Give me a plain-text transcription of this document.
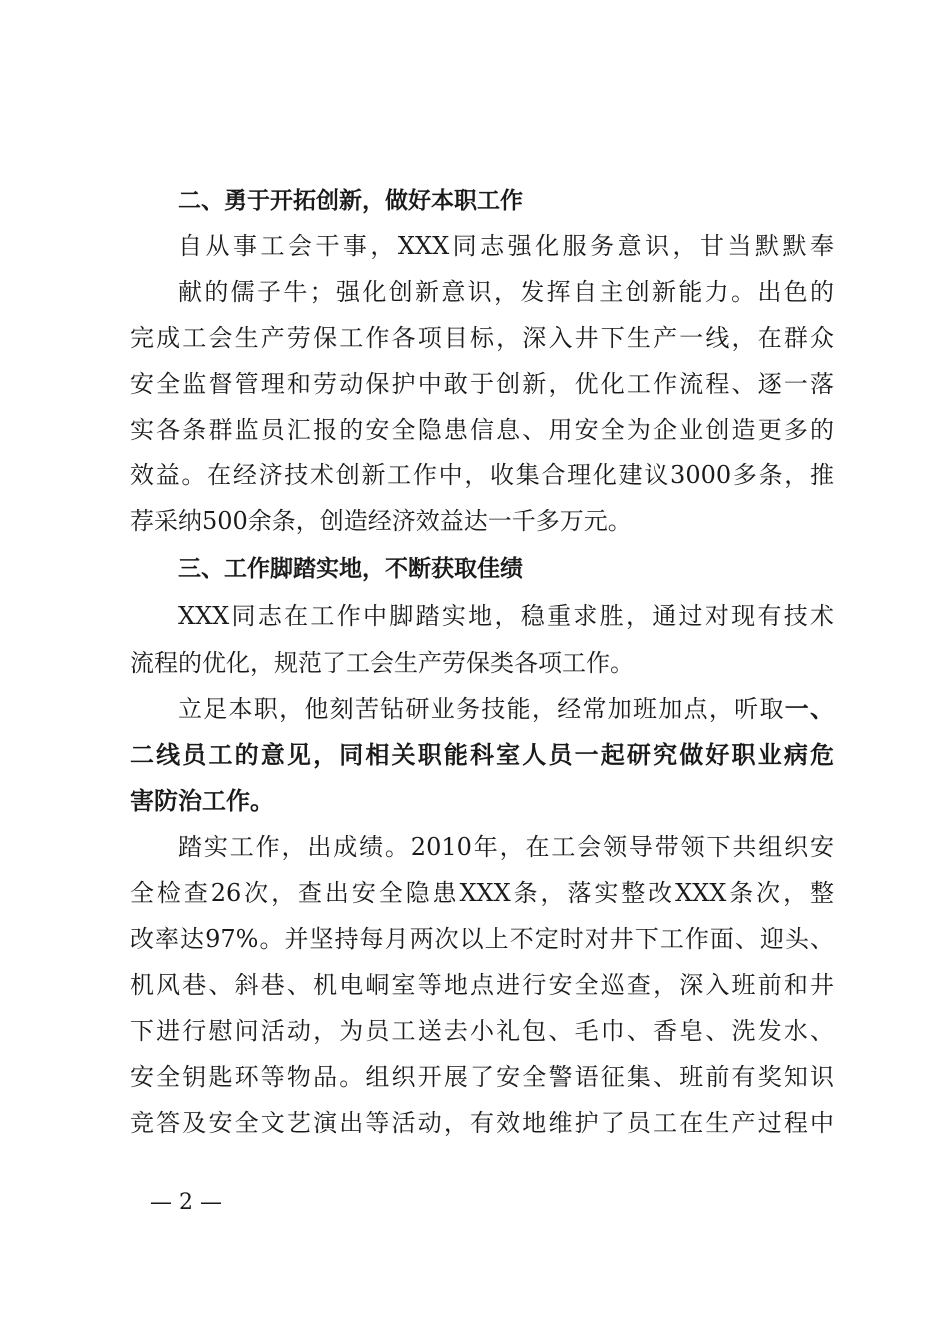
二、勇于开拓创新，做好本职工作
自从事工会干事，XXX同志强化服务意识，甘当默默奉
献的儒子牛；强化创新意识，发挥自主创新能力。出色的
完成工会生产劳保工作各项目标，深入井下生产一线，在群众
安全监督管理和劳动保护中敢于创新，优化工作流程、逐一落
实各条群监员汇报的安全隐患信息、用安全为企业创造更多的
效益。在经济技术创新工作中，收集合理化建议3000多条，推
荐采纳500余条，创造经济效益达一千多万元。
三、工作脚踏实地，不断获取佳绩
XXX同志在工作中脚踏实地，稳重求胜，通过对现有技术
流程的优化，规范了工会生产劳保类各项工作。
立足本职，他刻苦钻研业务技能，经常加班加点，听取一、
二线员工的意见，同相关职能科室人员一起研究做好职业病危
害防治工作。
踏实工作，出成绩。2010年，在工会领导带领下共组织安
全检查26次，查出安全隐患XXX条，落实整改XXX条次，整
改率达97%。并坚持每月两次以上不定时对井下工作面、迎头、
机风巷、斜巷、机电峒室等地点进行安全巡查，深入班前和井
下进行慰问活动，为员工送去小礼包、毛巾、香皂、洗发水、
安全钥匙环等物品。组织开展了安全警语征集、班前有奖知识
竞答及安全文艺演出等活动，有效地维护了员工在生产过程中
— 2 —
